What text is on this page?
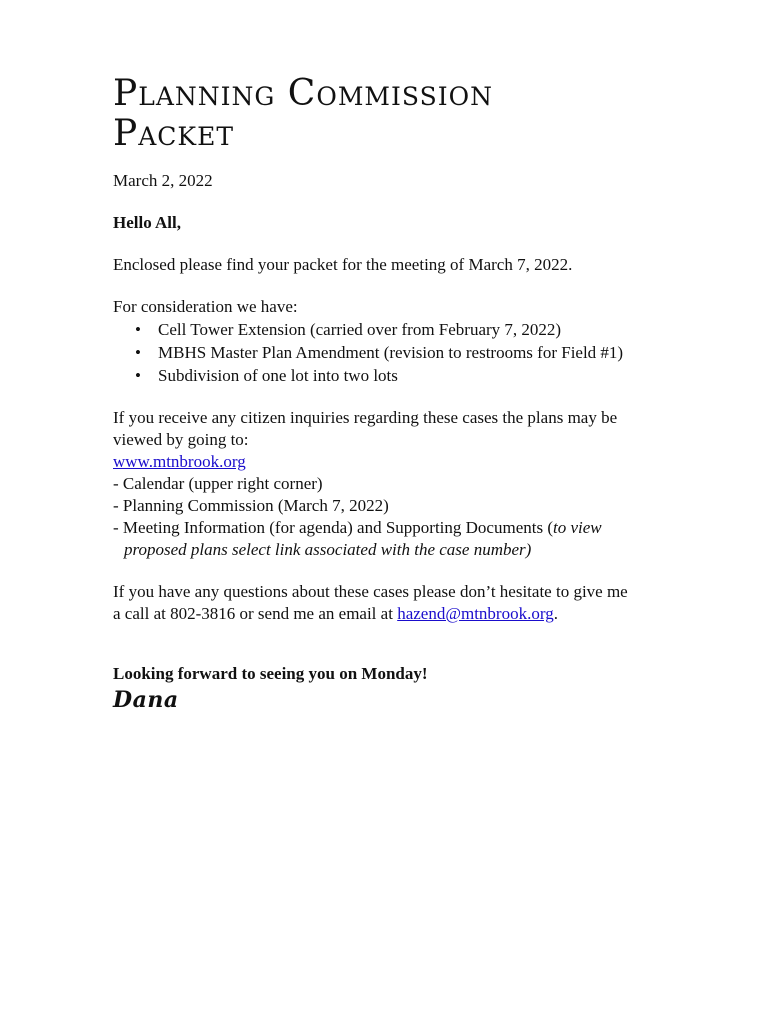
Planning Commission
Packet

March 2, 2022

Hello All,

Enclosed please find your packet for the meeting of March 7, 2022.

For consideration we have:

• Cell Tower Extension (carried over from February 7, 2022)
• MBHS Master Plan Amendment (revision to restrooms for Field #1)
• Subdivision of one lot into two lots

If you receive any citizen inquiries regarding these cases the plans may be

viewed by going to:

www.mtnbrook.org

- Calendar (upper right corner)

- Planning Commission (March 7, 2022)

- Meeting Information (for agenda) and Supporting Documents (to view

proposed plans select link associated with the case number)

If you have any questions about these cases please don’t hesitate to give me

a call at 802-3816 or send me an email at hazend@mtnbrook.org.

Looking forward to seeing you on Monday!

Dana
